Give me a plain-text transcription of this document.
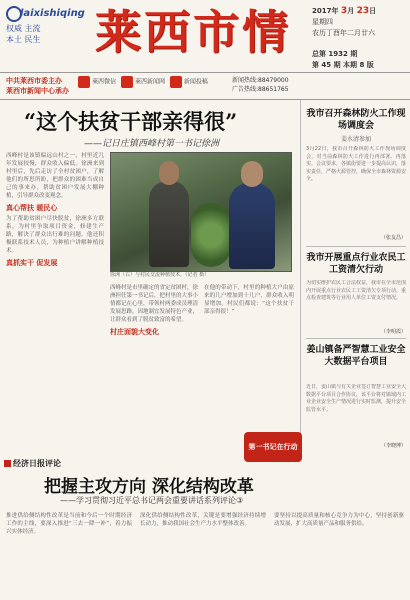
laixishiqing
权威 主流
本土 民生	莱西市情	2017年 3月 23日
星期四
农历丁酉年二月廿六
总第 1932 期
第 45 期 本期 8 版
中共莱西市委主办
莱西市新闻中心承办
莱西微信	莱西新闻网	新闻投稿	新闻热线:88479000
广告热线:88651765
“这个扶贫干部亲得很”
——记日庄镇西峰村第一书记徐洲
西峰村是该镇偏远山村之一，村里近几年发展较慢，群众收入偏低。徐洲来到村里后，先后走访了全村贫困户，了解他们的所思所盼，把群众的困难当成自己的事来办，帮助贫困户发展大棚种植，引导群众改变观念。
真心帮扶 暖民心
为了帮助贫困户尽快脱贫，徐洲多方联系，为村里争取项目资金，修建生产路，解决了群众出行难的问题。他还积极联系技术人员，为种植户讲解种植技术。
真抓实干 促发展
徐洲（右）与村民交流种植技术。（记者 摄）
西峰村是市里确定的省定贫困村，徐洲担任第一书记后，把村里的大事小情都记在心里，带领村两委成员理清发展思路，因地制宜发展特色产业，让群众看到了脱贫致富的希望。
村庄面貌大变化
在他的带动下，村里的种植大户由原来的几户增加到十几户，群众收入明显增加。村民们都说：“这个扶贫干部亲得很！”
我市召开森林防火工作现场调度会
姜水清参加
3月22日，我市召开森林防火工作现场调度会，对当前森林防火工作进行再部署、再落实。会议要求，各镇街要进一步提高认识，落实责任，严格火源管控，确保全市森林资源安全。
（张友昌）
我市开展重点行业农民工工资清欠行动
为切实维护农民工合法权益，我市在全市范围内开展重点行业农民工工资清欠专项行动，重点检查建筑等行业用人单位工资支付情况。
（李明霞）
姜山镇备严智慧工业安全大数据平台项目
近日，姜山镇与有关企业签订智慧工业安全大数据平台项目合作协议，该平台将对镇域内工业企业安全生产情况进行实时监测，提升安全监管水平。
（李晓博）
第一书记在行动
经济日报评论
把握主攻方向 深化结构改革
——学习贯彻习近平总书记两会重要讲话系列评论③
推进供给侧结构性改革是当前和今后一个时期经济工作的主线，要深入推进“三去一降一补”，着力振兴实体经济。
深化供给侧结构性改革，关键是要增强经济持续增长动力，推动我国社会生产力水平整体改善。
要坚持以提高质量和核心竞争力为中心，坚持创新驱动发展，扩大高质量产品和服务供给。
